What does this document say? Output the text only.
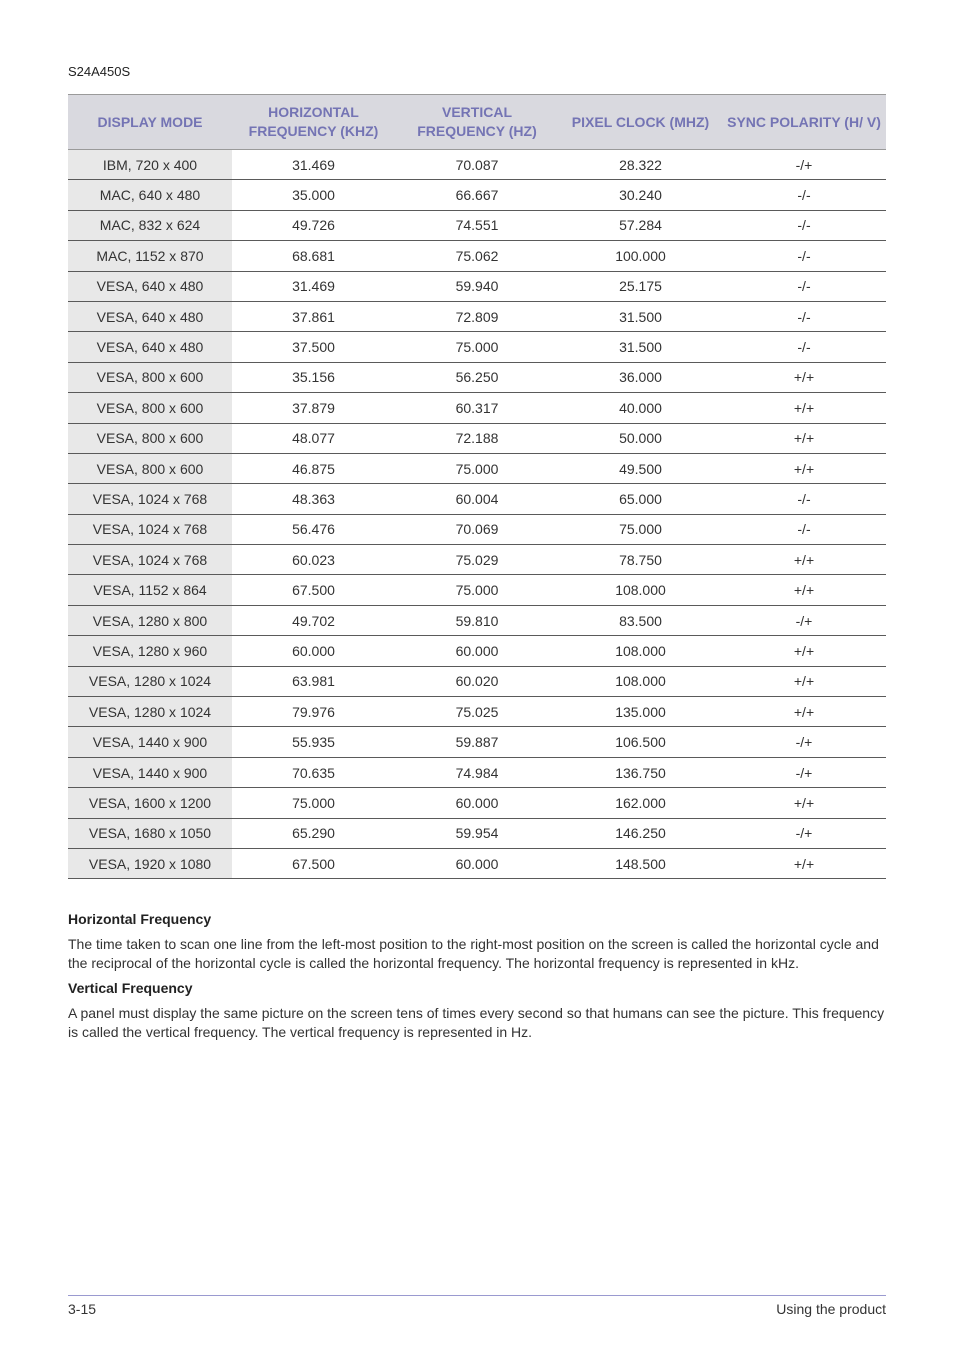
S24A450S
DISPLAY MODE	HORIZONTAL FREQUENCY (KHZ)	VERTICAL FREQUENCY (HZ)	PIXEL CLOCK (MHZ)	SYNC POLARITY (H/ V)
IBM, 720 x 400	31.469	70.087	28.322	-/+
MAC, 640 x 480	35.000	66.667	30.240	-/-
MAC, 832 x 624	49.726	74.551	57.284	-/-
MAC, 1152 x 870	68.681	75.062	100.000	-/-
VESA, 640 x 480	31.469	59.940	25.175	-/-
VESA, 640 x 480	37.861	72.809	31.500	-/-
VESA, 640 x 480	37.500	75.000	31.500	-/-
VESA, 800 x 600	35.156	56.250	36.000	+/+
VESA, 800 x 600	37.879	60.317	40.000	+/+
VESA, 800 x 600	48.077	72.188	50.000	+/+
VESA, 800 x 600	46.875	75.000	49.500	+/+
VESA, 1024 x 768	48.363	60.004	65.000	-/-
VESA, 1024 x 768	56.476	70.069	75.000	-/-
VESA, 1024 x 768	60.023	75.029	78.750	+/+
VESA, 1152 x 864	67.500	75.000	108.000	+/+
VESA, 1280 x 800	49.702	59.810	83.500	-/+
VESA, 1280 x 960	60.000	60.000	108.000	+/+
VESA, 1280 x 1024	63.981	60.020	108.000	+/+
VESA, 1280 x 1024	79.976	75.025	135.000	+/+
VESA, 1440 x 900	55.935	59.887	106.500	-/+
VESA, 1440 x 900	70.635	74.984	136.750	-/+
VESA, 1600 x 1200	75.000	60.000	162.000	+/+
VESA, 1680 x 1050	65.290	59.954	146.250	-/+
VESA, 1920 x 1080	67.500	60.000	148.500	+/+
Horizontal Frequency
The time taken to scan one line from the left-most position to the right-most position on the screen is called the horizontal cycle and the reciprocal of the horizontal cycle is called the horizontal frequency. The horizontal frequency is represented in kHz.
Vertical Frequency
A panel must display the same picture on the screen tens of times every second so that humans can see the picture. This frequency is called the vertical frequency. The vertical frequency is represented in Hz.
3-15	Using the product
